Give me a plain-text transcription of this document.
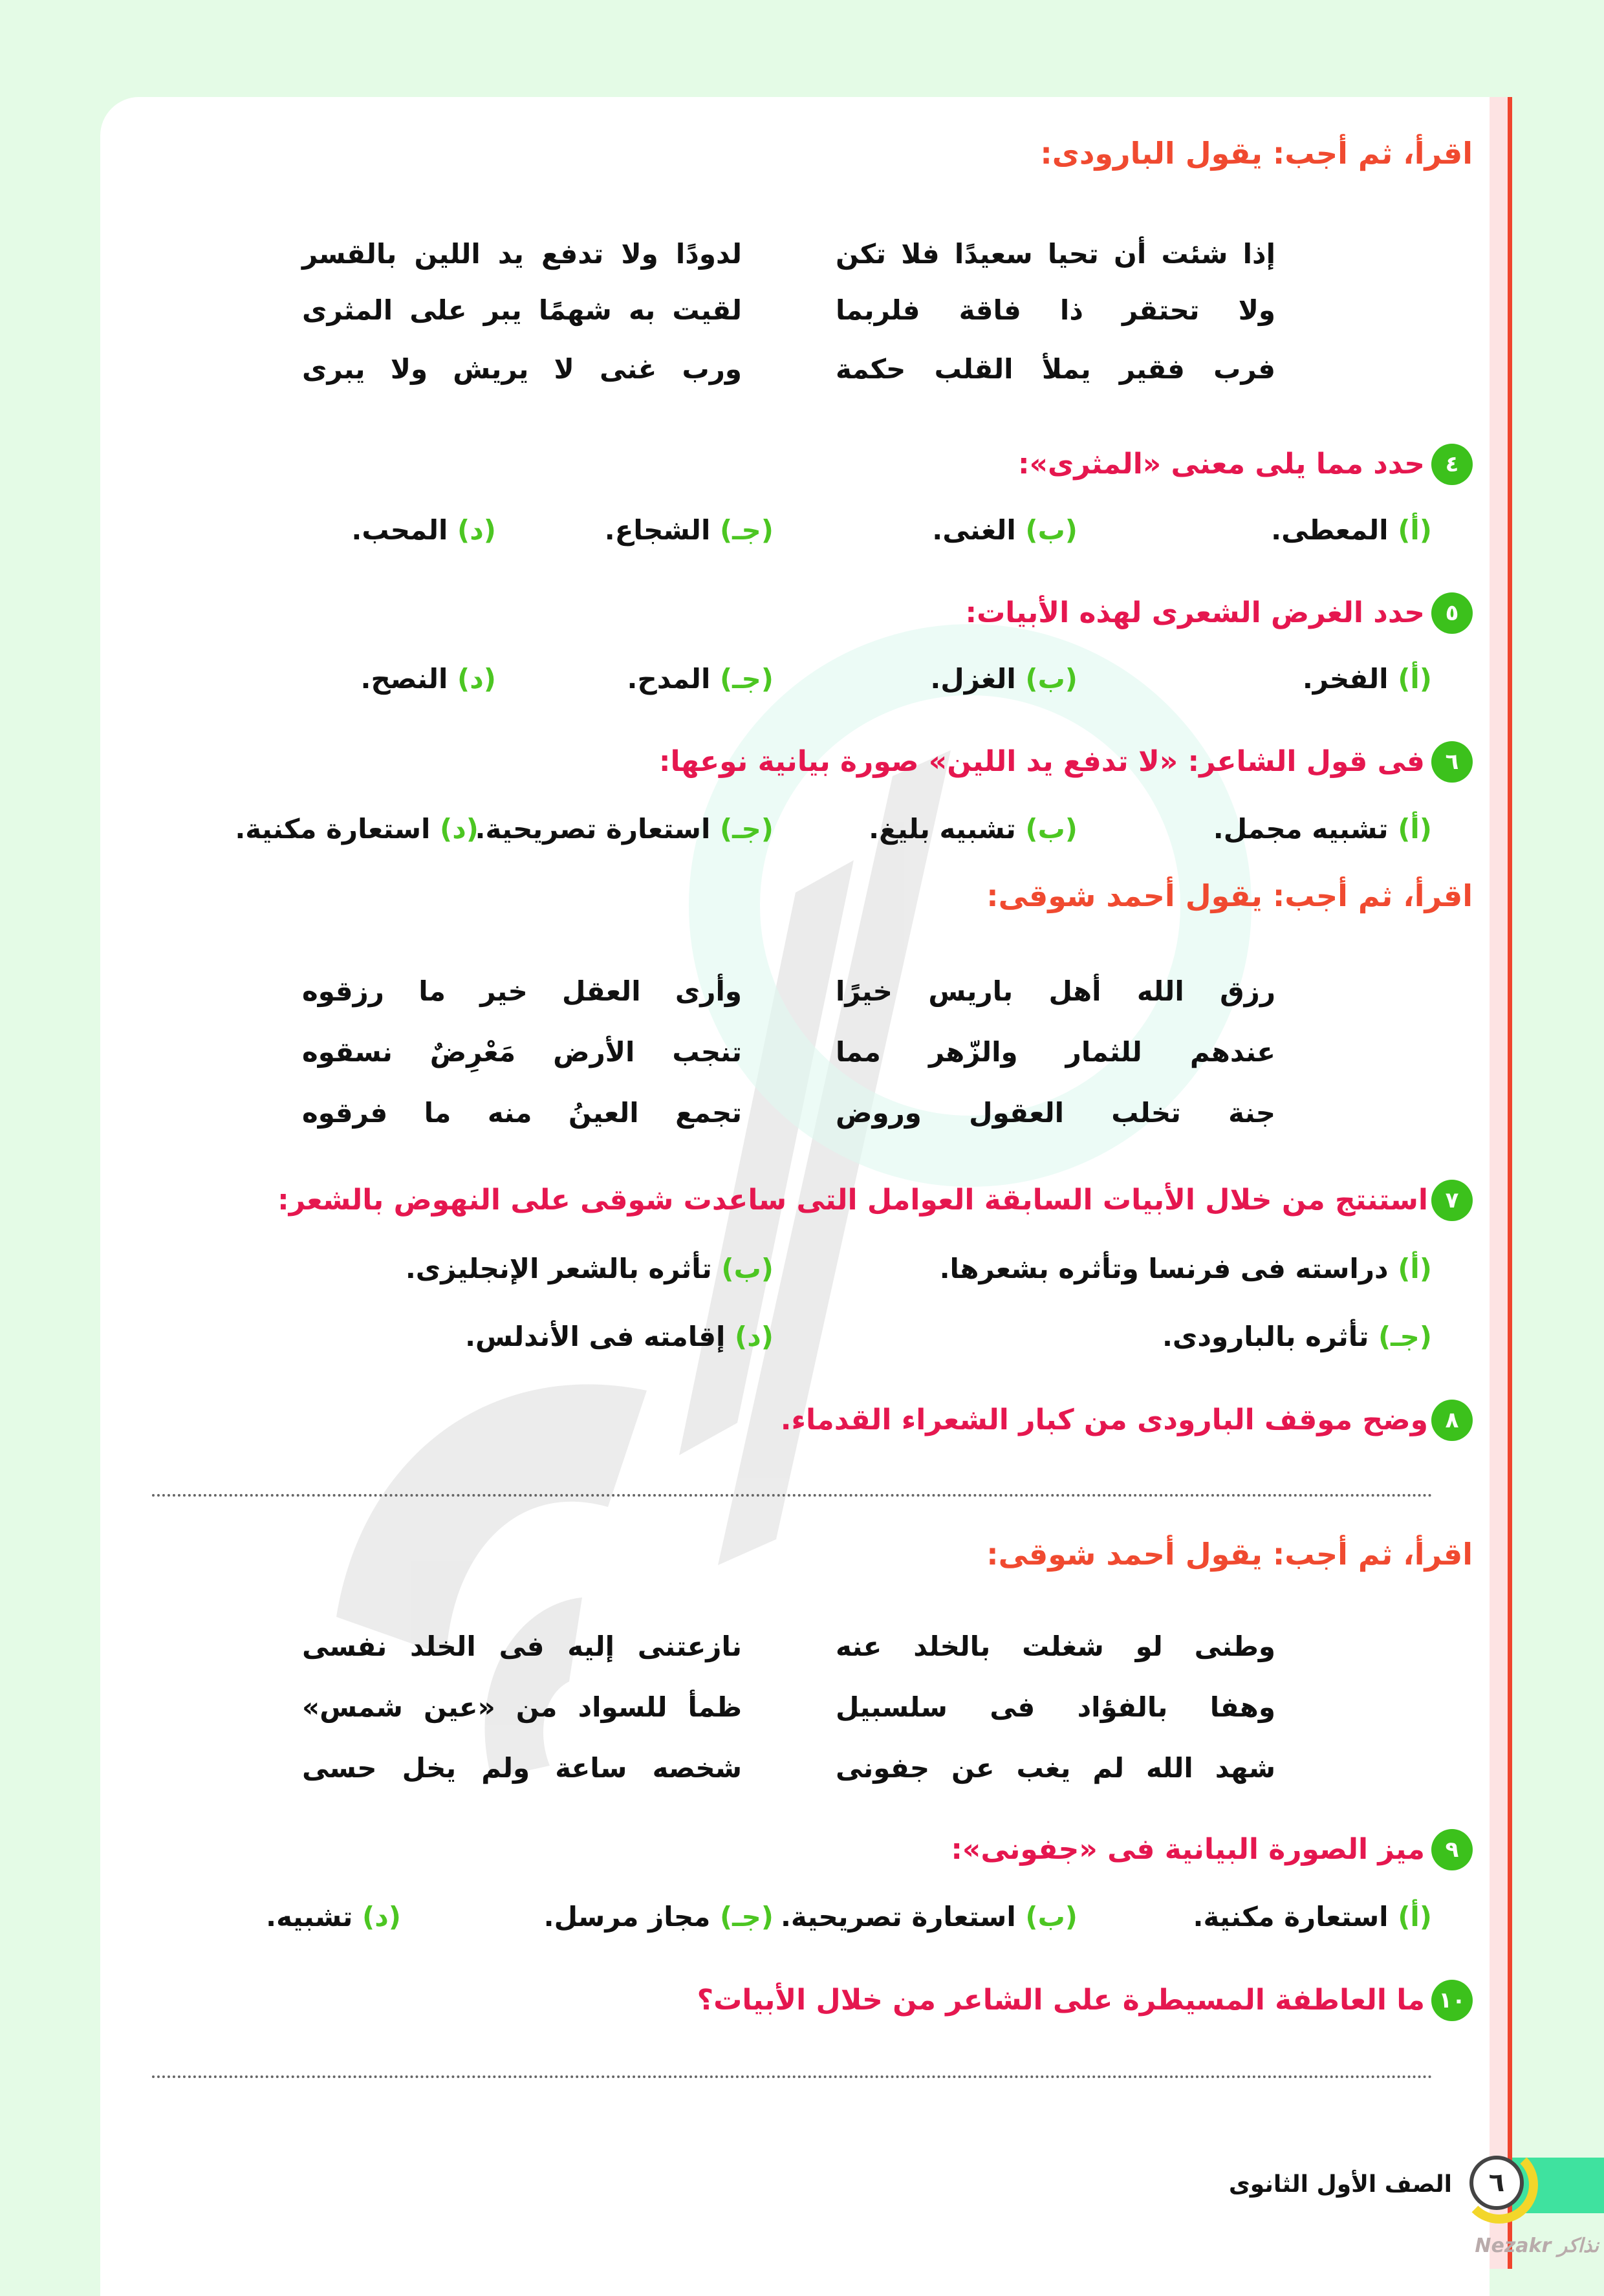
اقرأ، ثم أجب: يقول البارودى:
إذا شئت أن تحيا سعيدًا فلا تكن
لدودًا ولا تدفع يد اللين بالقسر
ولا تحتقر ذا فاقة فلربما
لقيت به شهمًا يبر على المثرى
فرب فقير يملأ القلب حكمة
ورب غنى لا يريش ولا يبرى
٤
حدد مما يلى معنى «المثرى»:
(أ) المعطى.
(ب) الغنى.
(جـ) الشجاع.
(د) المحب.
٥
حدد الغرض الشعرى لهذه الأبيات:
(أ) الفخر.
(ب) الغزل.
(جـ) المدح.
(د) النصح.
٦
فى قول الشاعر: «لا تدفع يد اللين» صورة بيانية نوعها:
(أ) تشبيه مجمل.
(ب) تشبيه بليغ.
(جـ) استعارة تصريحية.
(د) استعارة مكنية.
اقرأ، ثم أجب: يقول أحمد شوقى:
رزق الله أهل باريس خيرًا
وأرى العقل خير ما رزقوه
عندهم للثمار والزّهر مما
تنجب الأرض مَعْرِضٌ نسقوه
جنة تخلب العقول وروض
تجمع العينُ منه ما فرقوه
٧
استنتج من خلال الأبيات السابقة العوامل التى ساعدت شوقى على النهوض بالشعر:
(أ) دراسته فى فرنسا وتأثره بشعرها.
(ب) تأثره بالشعر الإنجليزى.
(جـ) تأثره بالبارودى.
(د) إقامته فى الأندلس.
٨
وضح موقف البارودى من كبار الشعراء القدماء.
اقرأ، ثم أجب: يقول أحمد شوقى:
وطنى لو شغلت بالخلد عنه
نازعتنى إليه فى الخلد نفسى
وهفا بالفؤاد فى سلسبيل
ظمأ للسواد من «عين شمس»
شهد الله لم يغب عن جفونى
شخصه ساعة ولم يخل حسى
٩
ميز الصورة البيانية فى «جفونى»:
(أ) استعارة مكنية.
(ب) استعارة تصريحية.
(جـ) مجاز مرسل.
(د) تشبيه.
١٠
ما العاطفة المسيطرة على الشاعر من خلال الأبيات؟
٦
الصف الأول الثانوى
Nezakr نذاكر
